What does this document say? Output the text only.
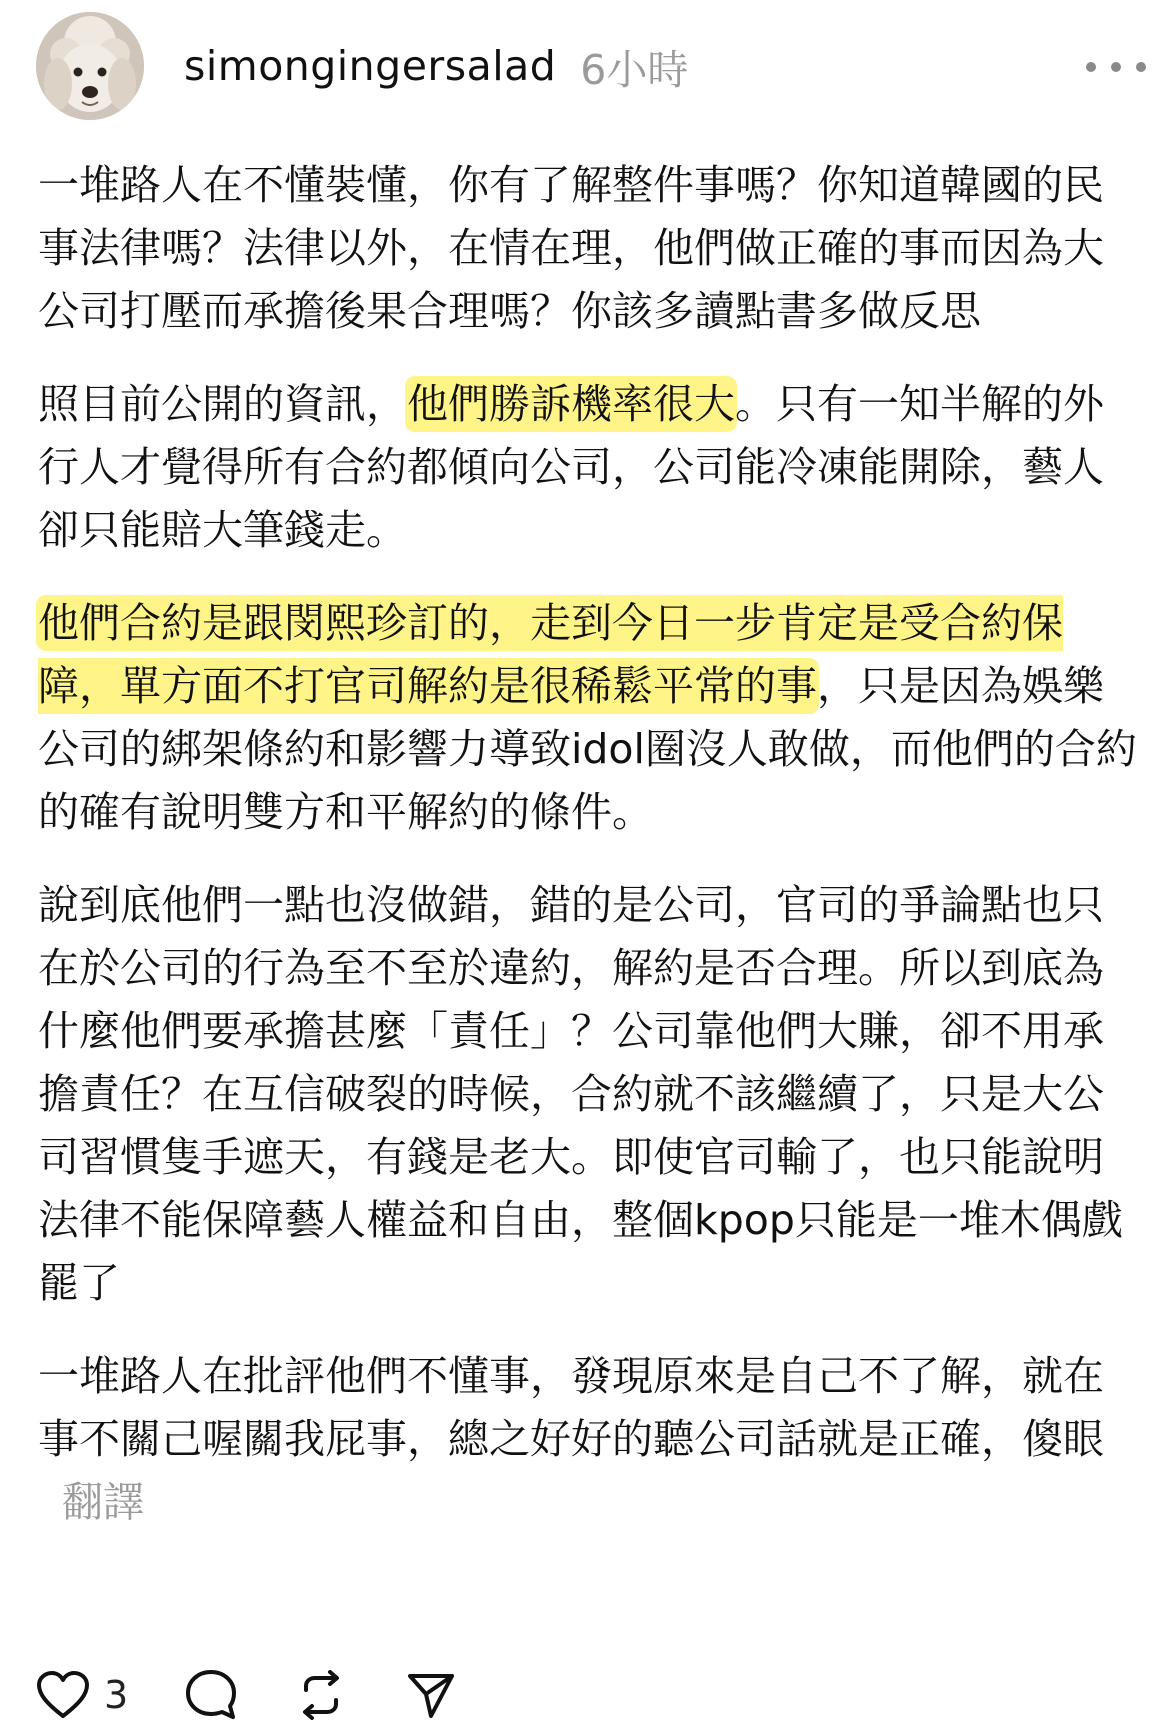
simongingersalad 6小時

一堆路人在不懂裝懂，你有了解整件事嗎？你知道韓國的民事法律嗎？法律以外，在情在理，他們做正確的事而因為大公司打壓而承擔後果合理嗎？你該多讀點書多做反思

照目前公開的資訊，他們勝訴機率很大。只有一知半解的外行人才覺得所有合約都傾向公司，公司能冷凍能開除，藝人卻只能賠大筆錢走。

他們合約是跟閔熙珍訂的，走到今日一步肯定是受合約保障，單方面不打官司解約是很稀鬆平常的事，只是因為娛樂公司的綁架條約和影響力導致idol圈沒人敢做，而他們的合約的確有說明雙方和平解約的條件。

說到底他們一點也沒做錯，錯的是公司，官司的爭論點也只在於公司的行為至不至於違約，解約是否合理。所以到底為什麼他們要承擔甚麼「責任」？公司靠他們大賺，卻不用承擔責任？在互信破裂的時候，合約就不該繼續了，只是大公司習慣隻手遮天，有錢是老大。即使官司輸了，也只能說明法律不能保障藝人權益和自由，整個kpop只能是一堆木偶戲罷了

一堆路人在批評他們不懂事，發現原來是自己不了解，就在事不關己喔關我屁事，總之好好的聽公司話就是正確，傻眼翻譯

3
